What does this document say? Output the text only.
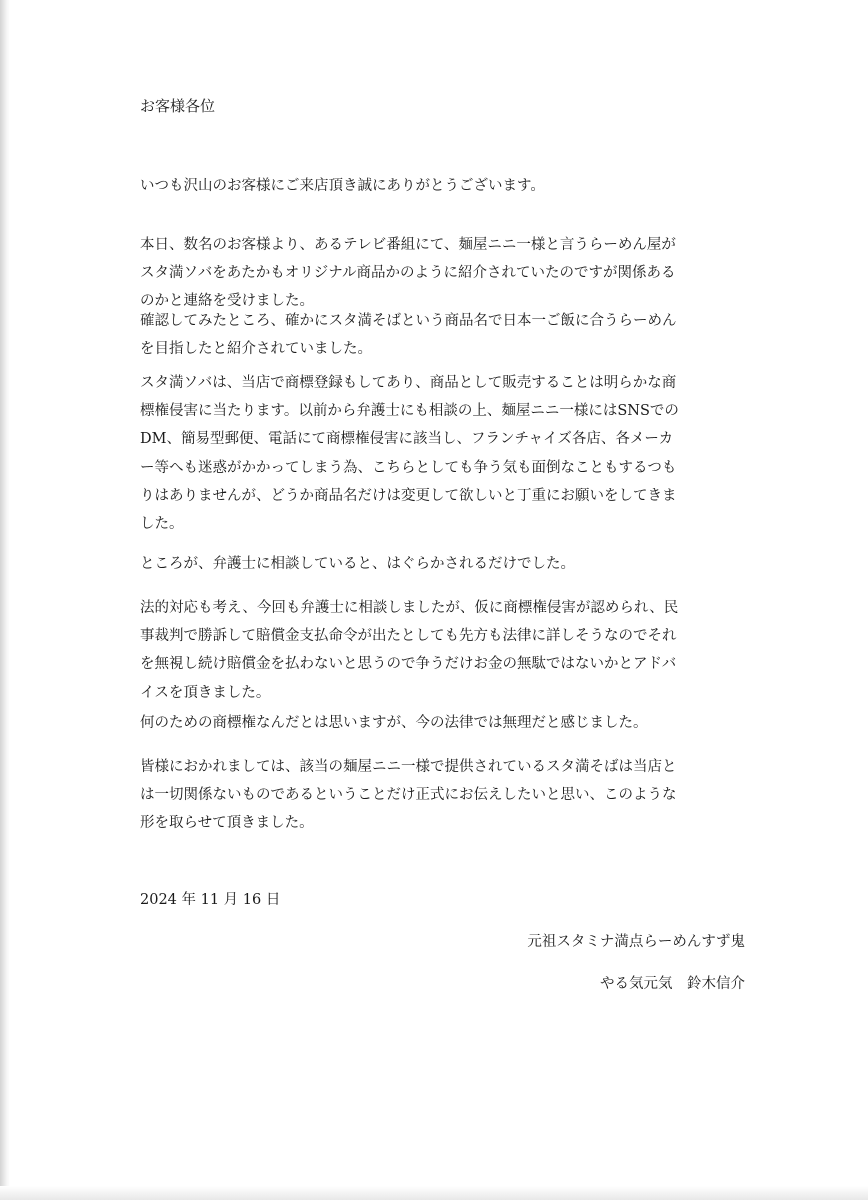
お客様各位
いつも沢山のお客様にご来店頂き誠にありがとうございます。
本日、数名のお客様より、あるテレビ番組にて、麺屋ニニ一様と言うらーめん屋が
スタ満ソバをあたかもオリジナル商品かのように紹介されていたのですが関係ある
のかと連絡を受けました。
確認してみたところ、確かにスタ満そばという商品名で日本一ご飯に合うらーめん
を目指したと紹介されていました。
スタ満ソバは、当店で商標登録もしてあり、商品として販売することは明らかな商
標権侵害に当たります。以前から弁護士にも相談の上、麺屋ニニ一様にはSNSでの
DM、簡易型郵便、電話にて商標権侵害に該当し、フランチャイズ各店、各メーカ
ー等へも迷惑がかかってしまう為、こちらとしても争う気も面倒なこともするつも
りはありませんが、どうか商品名だけは変更して欲しいと丁重にお願いをしてきま
した。
ところが、弁護士に相談していると、はぐらかされるだけでした。
法的対応も考え、今回も弁護士に相談しましたが、仮に商標権侵害が認められ、民
事裁判で勝訴して賠償金支払命令が出たとしても先方も法律に詳しそうなのでそれ
を無視し続け賠償金を払わないと思うので争うだけお金の無駄ではないかとアドバ
イスを頂きました。
何のための商標権なんだとは思いますが、今の法律では無理だと感じました。
皆様におかれましては、該当の麺屋ニニ一様で提供されているスタ満そばは当店と
は一切関係ないものであるということだけ正式にお伝えしたいと思い、このような
形を取らせて頂きました。
2024 年 11 月 16 日
元祖スタミナ満点らーめんすず鬼
やる気元気　鈴木信介
